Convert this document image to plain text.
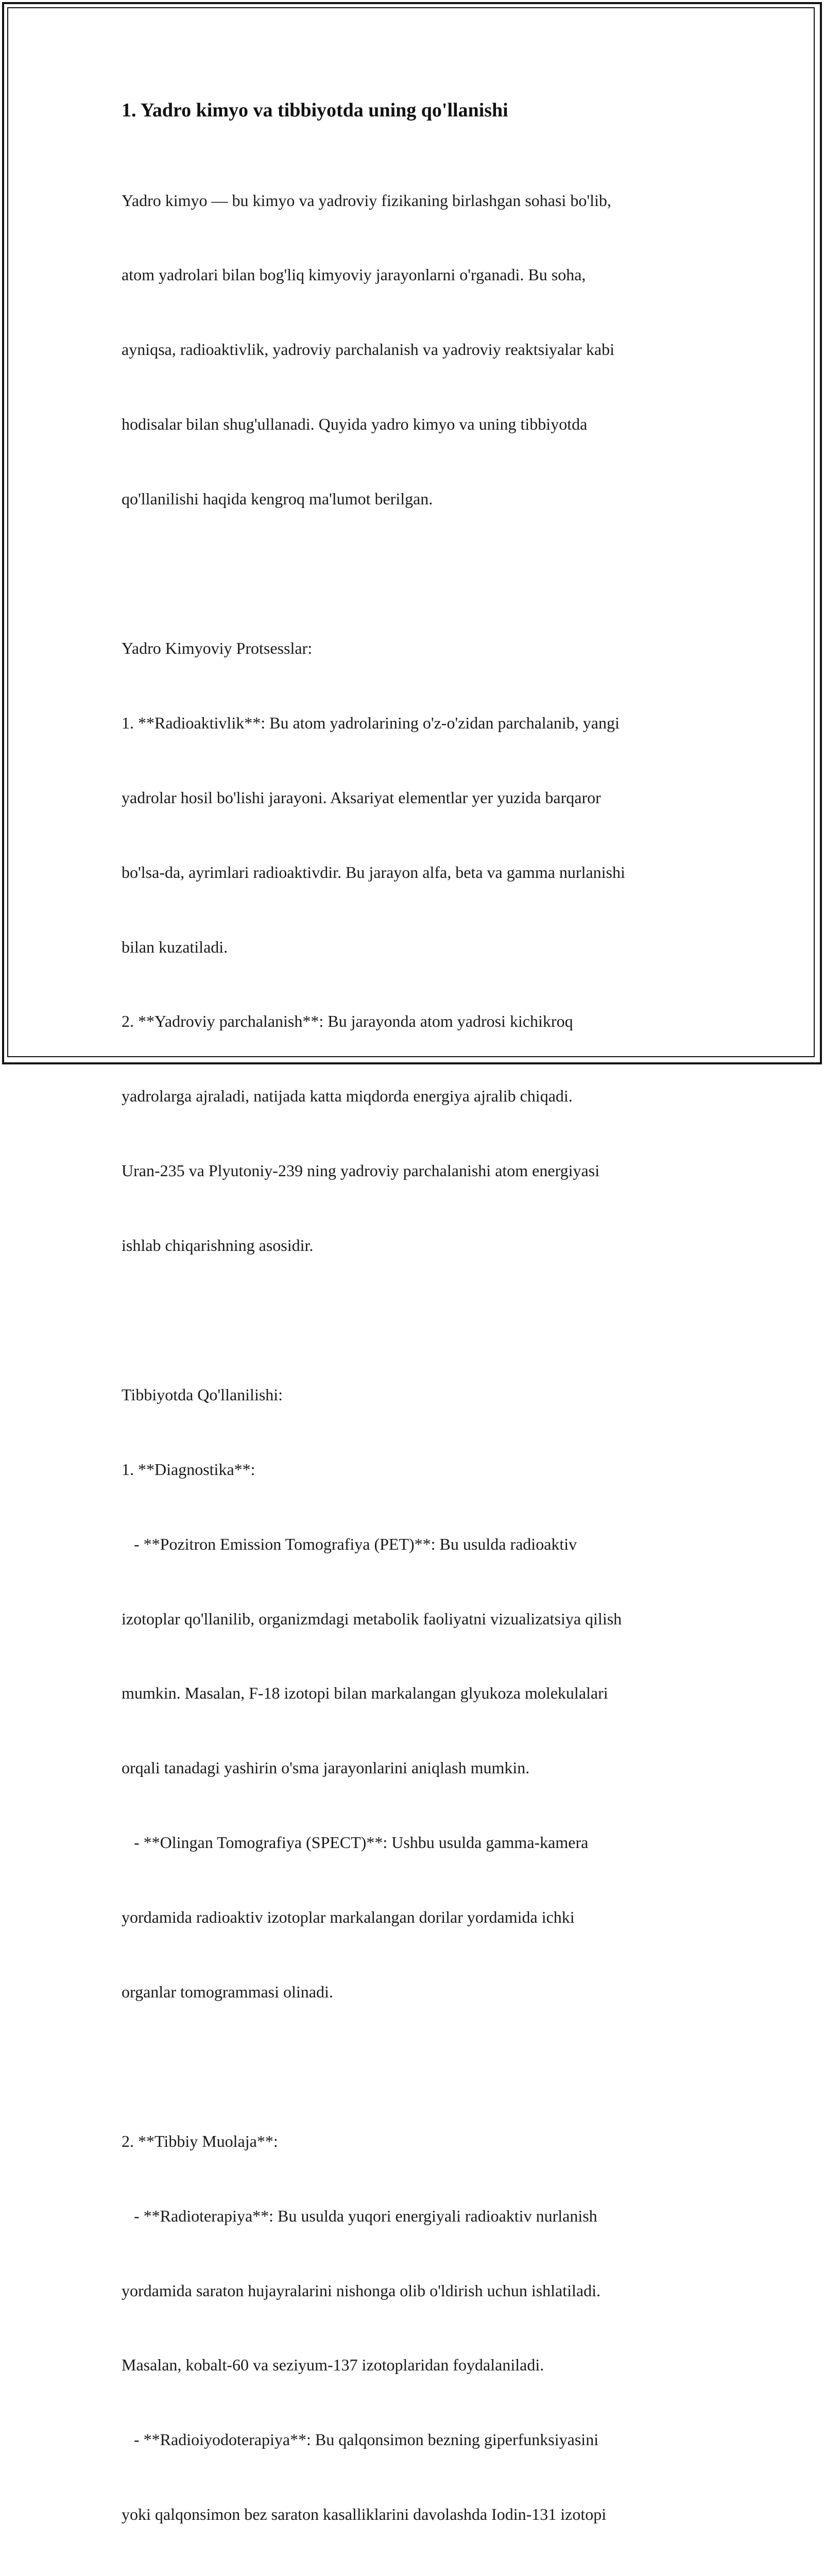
1. Yadro kimyo va tibbiyotda uning qo'llanishi

Yadro kimyo — bu kimyo va yadroviy fizikaning birlashgan sohasi bo'lib,

atom yadrolari bilan bog'liq kimyoviy jarayonlarni o'rganadi. Bu soha,

ayniqsa, radioaktivlik, yadroviy parchalanish va yadroviy reaktsiyalar kabi

hodisalar bilan shug'ullanadi. Quyida yadro kimyo va uning tibbiyotda

qo'llanilishi haqida kengroq ma'lumot berilgan.

Yadro Kimyoviy Protsesslar:

1. **Radioaktivlik**: Bu atom yadrolarining o'z-o'zidan parchalanib, yangi

yadrolar hosil bo'lishi jarayoni. Aksariyat elementlar yer yuzida barqaror

bo'lsa-da, ayrimlari radioaktivdir. Bu jarayon alfa, beta va gamma nurlanishi

bilan kuzatiladi.

2. **Yadroviy parchalanish**: Bu jarayonda atom yadrosi kichikroq

yadrolarga ajraladi, natijada katta miqdorda energiya ajralib chiqadi.

Uran-235 va Plyutoniy-239 ning yadroviy parchalanishi atom energiyasi

ishlab chiqarishning asosidir.

Tibbiyotda Qo'llanilishi:

1. **Diagnostika**:

- **Pozitron Emission Tomografiya (PET)**: Bu usulda radioaktiv

izotoplar qo'llanilib, organizmdagi metabolik faoliyatni vizualizatsiya qilish

mumkin. Masalan, F-18 izotopi bilan markalangan glyukoza molekulalari

orqali tanadagi yashirin o'sma jarayonlarini aniqlash mumkin.

- **Olingan Tomografiya (SPECT)**: Ushbu usulda gamma-kamera

yordamida radioaktiv izotoplar markalangan dorilar yordamida ichki

organlar tomogrammasi olinadi.

2. **Tibbiy Muolaja**:

- **Radioterapiya**: Bu usulda yuqori energiyali radioaktiv nurlanish

yordamida saraton hujayralarini nishonga olib o'ldirish uchun ishlatiladi.

Masalan, kobalt-60 va seziyum-137 izotoplaridan foydalaniladi.

- **Radioiyodoterapiya**: Bu qalqonsimon bezning giperfunksiyasini

yoki qalqonsimon bez saraton kasalliklarini davolashda Iodin-131 izotopi
